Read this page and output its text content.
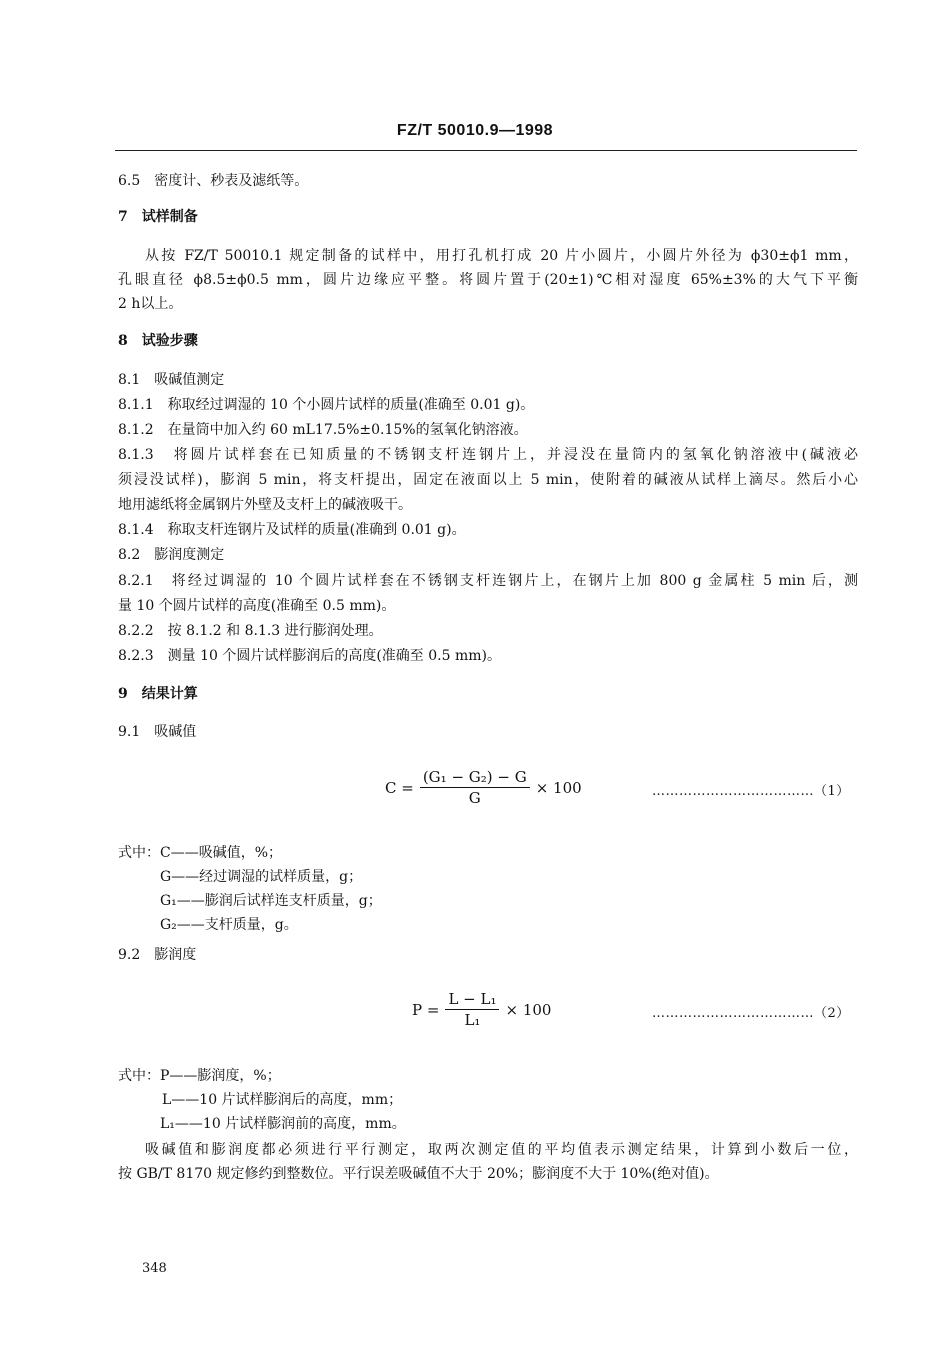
FZ/T 50010.9—1998
6.5　密度计、秒表及滤纸等。
7　试样制备
从按 FZ/T 50010.1 规定制备的试样中，用打孔机打成 20 片小圆片，小圆片外径为 ϕ30±ϕ1 mm，
孔眼直径 ϕ8.5±ϕ0.5 mm，圆片边缘应平整。将圆片置于(20±1)℃相对湿度 65%±3%的大气下平衡
2 h以上。
8　试验步骤
8.1　吸碱值测定
8.1.1　称取经过调湿的 10 个小圆片试样的质量(准确至 0.01 g)。
8.1.2　在量筒中加入约 60 mL17.5%±0.15%的氢氧化钠溶液。
8.1.3　将圆片试样套在已知质量的不锈钢支杆连钢片上，并浸没在量筒内的氢氧化钠溶液中(碱液必
须浸没试样)，膨润 5 min，将支杆提出，固定在液面以上 5 min，使附着的碱液从试样上滴尽。然后小心
地用滤纸将金属钢片外壁及支杆上的碱液吸干。
8.1.4　称取支杆连钢片及试样的质量(准确到 0.01 g)。
8.2　膨润度测定
8.2.1　将经过调湿的 10 个圆片试样套在不锈钢支杆连钢片上，在钢片上加 800 g 金属柱 5 min 后，测
量 10 个圆片试样的高度(准确至 0.5 mm)。
8.2.2　按 8.1.2 和 8.1.3 进行膨润处理。
8.2.3　测量 10 个圆片试样膨润后的高度(准确至 0.5 mm)。
9　结果计算
9.1　吸碱值
$C = \frac{\text{(G₁ − G₂) − G}}{G} \times 100$	………………………………（1）
式中：C——吸碱值，%；
G——经过调湿的试样质量，g；
G₁——膨润后试样连支杆质量，g；
G₂——支杆质量，g。
9.2　膨润度
$P = \frac{\text{L − L₁}}{\text{L₁}} \times 100$	………………………………（2）
式中：P——膨润度，%；
L——10 片试样膨润后的高度，mm；
L₁——10 片试样膨润前的高度，mm。
吸碱值和膨润度都必须进行平行测定，取两次测定值的平均值表示测定结果，计算到小数后一位，
按 GB/T 8170 规定修约到整数位。平行误差吸碱值不大于 20%；膨润度不大于 10%(绝对值)。
348
